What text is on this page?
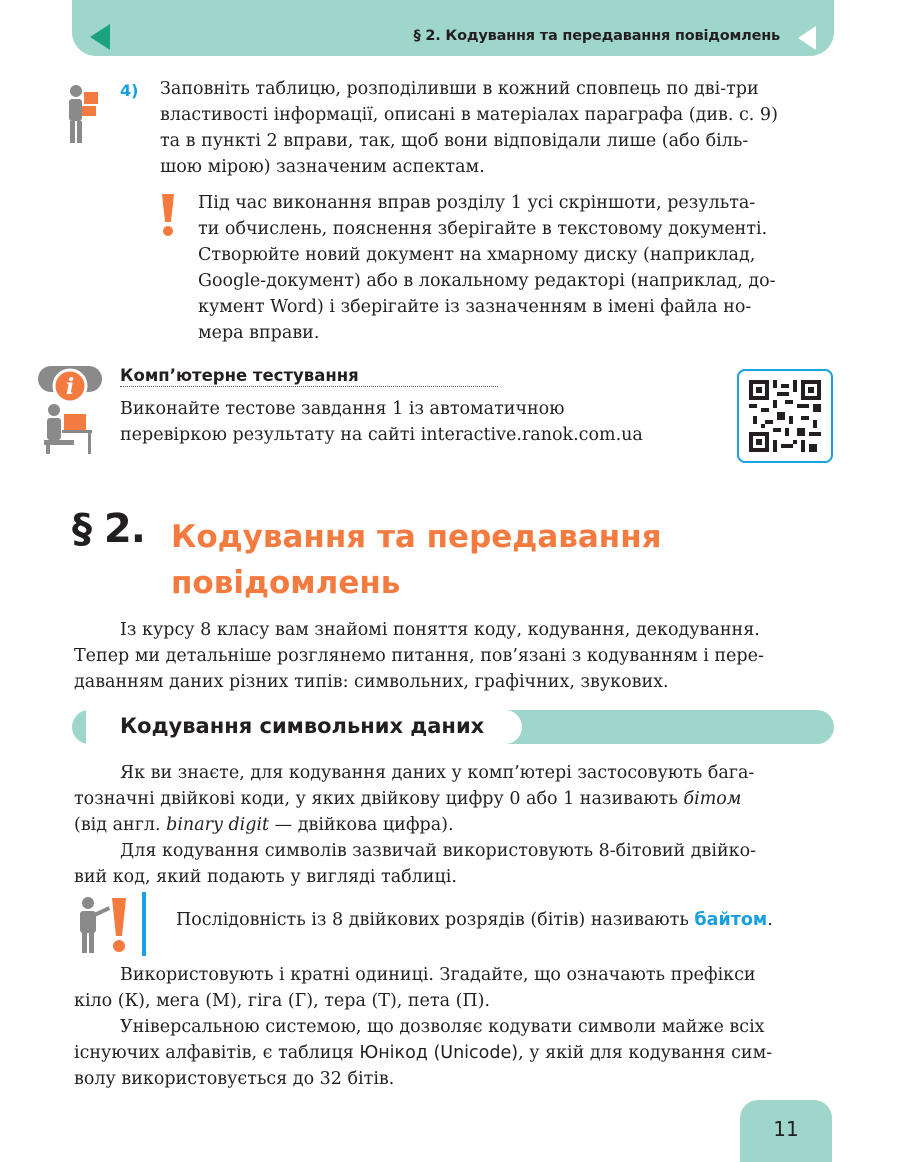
§ 2. Кодування та передавання повідомлень
4) Заповніть таблицю, розподіливши в кожний сповпець по дві-три

властивості інформації, описані в матеріалах параграфа (див. с. 9)

та в пункті 2 вправи, так, щоб вони відповідали лише (або біль-

шою мірою) зазначеним аспектам.

Під час виконання вправ розділу 1 усі скріншоти, результа-

ти обчислень, пояснення зберігайте в текстовому документі.

Створюйте новий документ на хмарному диску (наприклад,

Google-документ) або в локальному редакторі (наприклад, до-

кумент Word) і зберігайте із зазначенням в імені файла но-

мера вправи.

i	Комп’ютерне тестування

Виконайте тестове завдання 1 із автоматичною

перевіркою результату на сайті interactive.ranok.com.ua

§ 2. Кодування та передавання

повідомлень

Із курсу 8 класу вам знайомі поняття коду, кодування, декодування.

Тепер ми детальніше розглянемо питання, пов’язані з кодуванням і пере-

даванням даних різних типів: символьних, графічних, звукових.

Кодування символьних даних

Як ви знаєте, для кодування даних у комп’ютері застосовують бага-

тозначні двійкові коди, у яких двійкову цифру 0 або 1 називають бітом

(від англ. binary digit — двійкова цифра).

Для кодування символів зазвичай використовують 8-бітовий двійко-

вий код, який подають у вигляді таблиці.

Послідовність із 8 двійкових розрядів (бітів) називають байтом.

Використовують і кратні одиниці. Згадайте, що означають префікси

кіло (К), мега (М), гіга (Г), тера (Т), пета (П).

Універсальною системою, що дозволяє кодувати символи майже всіх

існуючих алфавітів, є таблиця Юнікод (Unicode), у якій для кодування сим-

волу використовується до 32 бітів.

11
